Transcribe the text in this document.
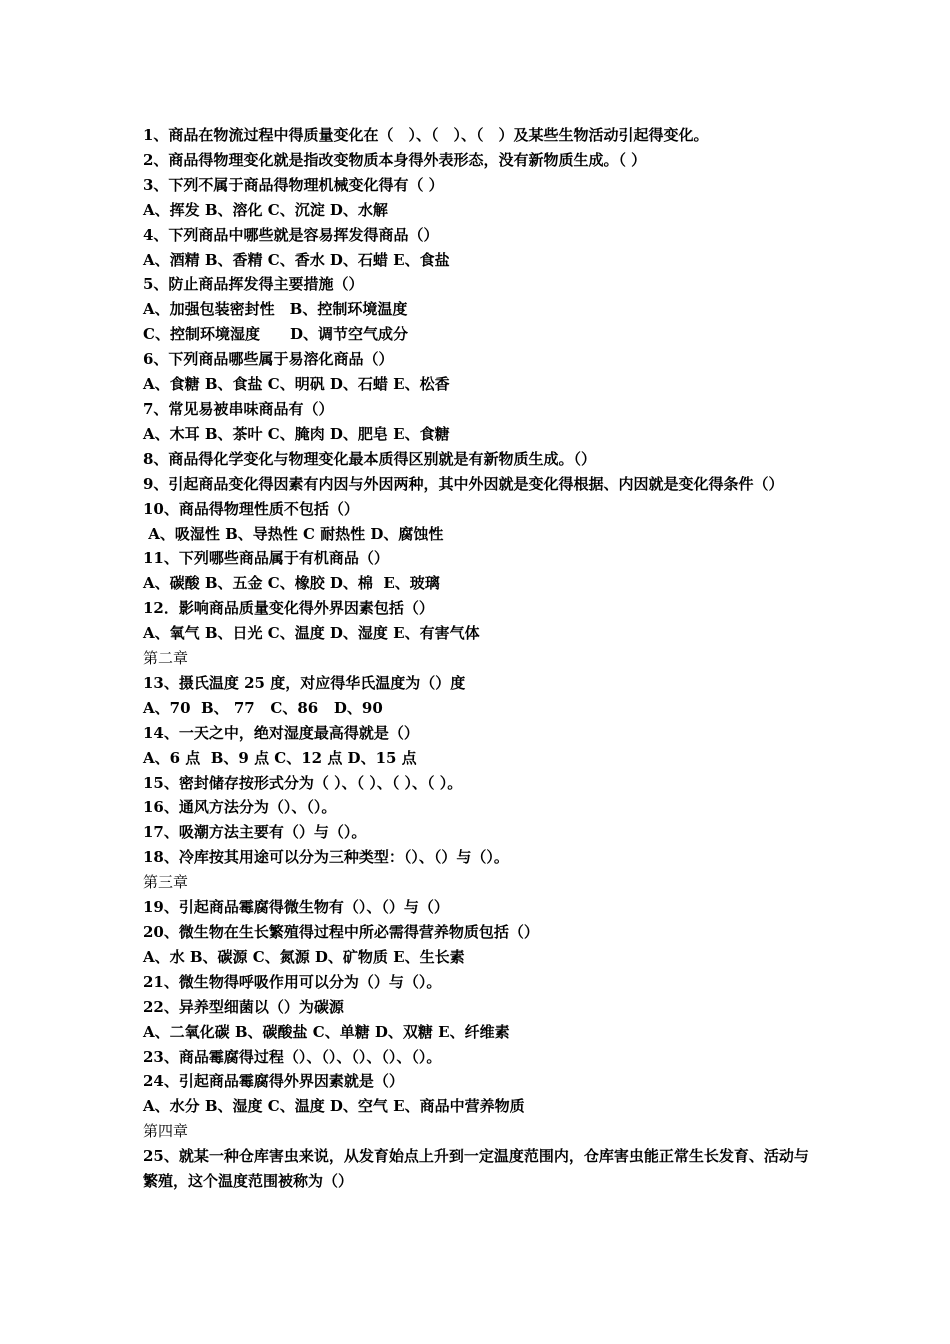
1、商品在物流过程中得质量变化在（　）、（　）、（　）及某些生物活动引起得变化。

2、商品得物理变化就是指改变物质本身得外表形态，没有新物质生成。（ ）

3、下列不属于商品得物理机械变化得有（ ）

A、挥发 B、溶化 C、沉淀 D、水解

4、下列商品中哪些就是容易挥发得商品（）

A、酒精 B、香精 C、香水 D、石蜡 E、食盐

5、防止商品挥发得主要措施（）

A、加强包装密封性　B、控制环境温度

C、控制环境湿度　　D、调节空气成分

6、下列商品哪些属于易溶化商品（）

A、食糖 B、食盐 C、明矾 D、石蜡 E、松香

7、常见易被串味商品有（）

A、木耳 B、茶叶 C、腌肉 D、肥皂 E、食糖

8、商品得化学变化与物理变化最本质得区别就是有新物质生成。（）

9、引起商品变化得因素有内因与外因两种，其中外因就是变化得根据、内因就是变化得条件（）

10、商品得物理性质不包括（）

A、吸湿性 B、导热性 C 耐热性 D、腐蚀性

11、下列哪些商品属于有机商品（）

A、碳酸 B、五金 C、橡胶 D、棉  E、玻璃

12．影响商品质量变化得外界因素包括（）

A、氧气 B、日光 C、温度 D、湿度 E、有害气体

第二章

13、摄氏温度 25 度，对应得华氏温度为（）度

A、70  B、 77   C、86   D、90

14、一天之中，绝对湿度最高得就是（）

A、6 点  B、9 点 C、12 点 D、15 点

15、密封储存按形式分为（ ）、（ ）、（ ）、（ ）。

16、通风方法分为（）、（）。

17、吸潮方法主要有（）与（）。

18、冷库按其用途可以分为三种类型：（）、（）与（）。

第三章

19、引起商品霉腐得微生物有（）、（）与（）

20、微生物在生长繁殖得过程中所必需得营养物质包括（）

A、水 B、碳源 C、氮源 D、矿物质 E、生长素

21、微生物得呼吸作用可以分为（）与（）。

22、异养型细菌以（）为碳源

A、二氧化碳 B、碳酸盐 C、单糖 D、双糖 E、纤维素

23、商品霉腐得过程（）、（）、（）、（）、（）。

24、引起商品霉腐得外界因素就是（）

A、水分 B、湿度 C、温度 D、空气 E、商品中营养物质

第四章

25、就某一种仓库害虫来说，从发育始点上升到一定温度范围内，仓库害虫能正常生长发育、活动与繁殖，这个温度范围被称为（）
